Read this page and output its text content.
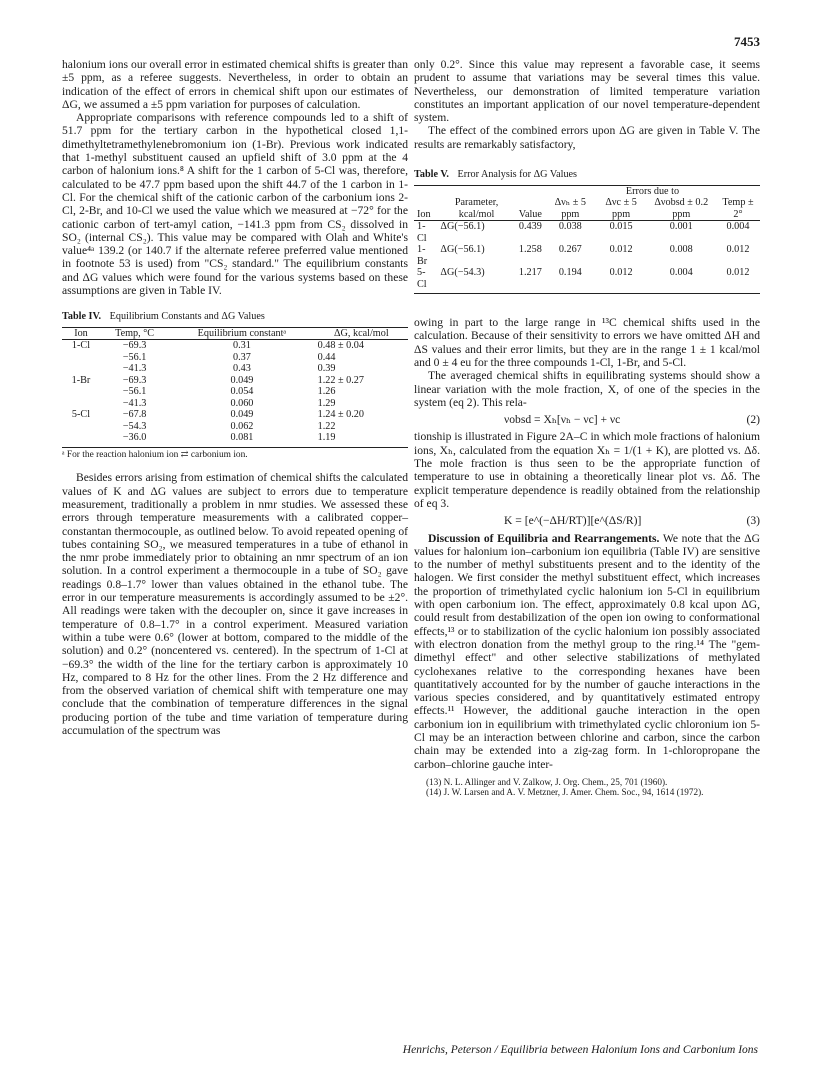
7453

halonium ions our overall error in estimated chemical shifts is greater than ±5 ppm, as a referee suggests. Nevertheless, in order to obtain an indication of the effect of errors in chemical shift upon our estimates of ΔG, we assumed a ±5 ppm variation for purposes of calculation.

Appropriate comparisons with reference compounds led to a shift of 51.7 ppm for the tertiary carbon in the hypothetical closed 1,1-dimethyltetramethylenebromonium ion (1-Br). Previous work indicated that 1-methyl substituent caused an upfield shift of 3.0 ppm at the 4 carbon of halonium ions.⁸ A shift for the 1 carbon of 5-Cl was, therefore, calculated to be 47.7 ppm based upon the shift 44.7 of the 1 carbon in 1-Cl. For the chemical shift of the cationic carbon of the carbonium ions 2-Cl, 2-Br, and 10-Cl we used the value which we measured at −72° for the cationic carbon of tert-amyl cation, −141.3 ppm from CS₂ dissolved in SO₂ (internal CS₂). This value may be compared with Olah and White's value⁴ᵃ 139.2 (or 140.7 if the alternate referee preferred value mentioned in footnote 53 is used) from "CS₂ standard." The equilibrium constants and ΔG values which were found for the various systems based on these assumptions are given in Table IV.

Table IV. Equilibrium Constants and ΔG Values
Ion	Temp, °C	Equilibrium constantᵃ	ΔG, kcal/mol
1-Cl	−69.3	0.31	0.48 ± 0.04
	−56.1	0.37	0.44
	−41.3	0.43	0.39
1-Br	−69.3	0.049	1.22 ± 0.27
	−56.1	0.054	1.26
	−41.3	0.060	1.29
5-Cl	−67.8	0.049	1.24 ± 0.20
	−54.3	0.062	1.22
	−36.0	0.081	1.19
ᵃ For the reaction halonium ion ⇄ carbonium ion.

Besides errors arising from estimation of chemical shifts the calculated values of K and ΔG values are subject to errors due to temperature measurement, traditionally a problem in nmr studies. We assessed these errors through temperature measurements with a calibrated copper–constantan thermocouple, as outlined below. To avoid repeated opening of tubes containing SO₂, we measured temperatures in a tube of ethanol in the nmr probe immediately prior to obtaining an nmr spectrum of an ion solution. In a control experiment a thermocouple in a tube of SO₂ gave readings 0.8–1.7° lower than values obtained in the ethanol tube. The error in our temperature measurements is accordingly assumed to be ±2°. All readings were taken with the decoupler on, since it gave increases in temperature of 0.8–1.7° in a control experiment. Measured variation within a tube were 0.6° (lower at bottom, compared to the middle of the solution) and 0.2° (noncentered vs. centered). In the spectrum of 1-Cl at −69.3° the width of the line for the tertiary carbon is approximately 10 Hz, compared to 8 Hz for the other lines. From the 2 Hz difference and from the observed variation of chemical shift with temperature one may conclude that the combination of temperature differences in the signal producing portion of the tube and time variation of temperature during accumulation of the spectrum was

only 0.2°. Since this value may represent a favorable case, it seems prudent to assume that variations may be several times this value. Nevertheless, our demonstration of limited temperature variation constitutes an important application of our novel temperature-dependent system.

The effect of the combined errors upon ΔG are given in Table V. The results are remarkably satisfactory,

Table V. Error Analysis for ΔG Values
			Errors due to			
Ion	Parameter, kcal/mol	Value	Δνₕ ± 5 ppm	Δνc ± 5 ppm	Δνobsd ± 0.2 ppm	Temp ± 2°
1-Cl	ΔG(−56.1)	0.439	0.038	0.015	0.001	0.004
1-Br	ΔG(−56.1)	1.258	0.267	0.012	0.008	0.012
5-Cl	ΔG(−54.3)	1.217	0.194	0.012	0.004	0.012

owing in part to the large range in ¹³C chemical shifts used in the calculation. Because of their sensitivity to errors we have omitted ΔH and ΔS values and their error limits, but they are in the range 1 ± 1 kcal/mol and 0 ± 4 eu for the three compounds 1-Cl, 1-Br, and 5-Cl.

The averaged chemical shifts in equilibrating systems should show a linear variation with the mole fraction, X, of one of the species in the system (eq 2). This rela-

νobsd = Xₕ[νₕ − νc] + νc	(2)

tionship is illustrated in Figure 2A–C in which mole fractions of halonium ions, Xₕ, calculated from the equation Xₕ = 1/(1 + K), are plotted vs. Δδ. The mole fraction is thus seen to be the appropriate function of temperature to use in obtaining a theoretically linear plot vs. Δδ. The explicit temperature dependence is readily obtained from the relationship of eq 3.

K = [e^(−ΔH/RT)][e^(ΔS/R)]	(3)

Discussion of Equilibria and Rearrangements. We note that the ΔG values for halonium ion–carbonium ion equilibria (Table IV) are sensitive to the number of methyl substituents present and to the identity of the halogen. We first consider the methyl substituent effect, which increases the proportion of trimethylated cyclic halonium ion 5-Cl in equilibrium with open carbonium ion. The effect, approximately 0.8 kcal upon ΔG, could result from destabilization of the open ion owing to conformational effects,¹³ or to stabilization of the cyclic halonium ion possibly associated with electron donation from the methyl group to the ring.¹⁴ The "gem-dimethyl effect" and other selective stabilizations of methylated cyclohexanes relative to the corresponding hexanes have been quantitatively accounted for by the number of gauche interactions in the various species considered, and by quantitatively estimated entropy effects.¹¹ However, the additional gauche interaction in the open carbonium ion in equilibrium with trimethylated cyclic chloronium ion 5-Cl may be an interaction between chlorine and carbon, since the carbon chain may be extended into a zig-zag form. In 1-chloropropane the carbon–chlorine gauche inter-

(13) N. L. Allinger and V. Zalkow, J. Org. Chem., 25, 701 (1960).
(14) J. W. Larsen and A. V. Metzner, J. Amer. Chem. Soc., 94, 1614 (1972).
Henrichs, Peterson / Equilibria between Halonium Ions and Carbonium Ions
